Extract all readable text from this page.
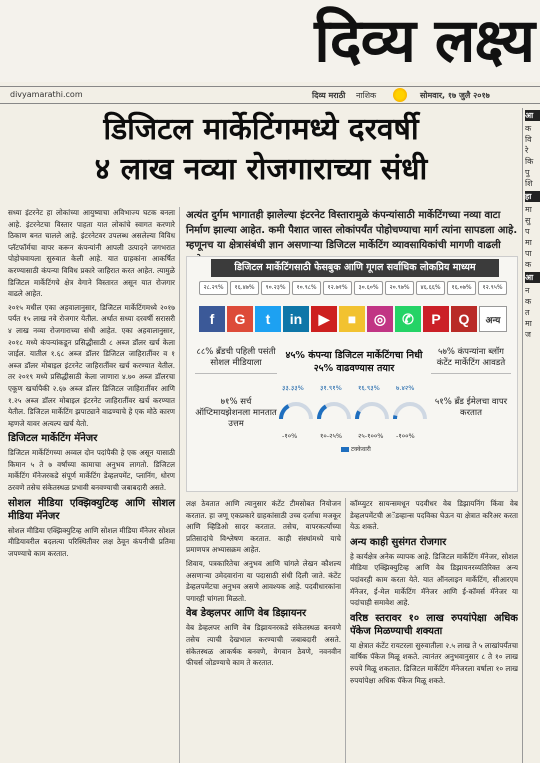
दिव्य लक्ष्य
divyamarathi.com	दिव्य मराठी नाशिक	सोमवार, १७ जुलै २०१७
आ
क
वि
रे
कि
पु
शि
हा
मा
सु
प
मा
पा
क
आ
न
क
त
मा
ज
डिजिटल मार्केटिंगमध्ये दरवर्षी
४ लाख नव्या रोजगाराच्या संधी

सध्या इंटरनेट हा लोकांच्या आयुष्याचा अविभाज्य घटक बनला आहे. इंटरनेटचा विस्तार पाहता यात लोकांचे स्वागत करणारे ठिकाण बनत चालले आहे. इंटरनेटवर उपलब्ध असलेल्या विविध प्लॅटफॉर्मचा वापर करून कंपन्यांनी आपली उत्पादने जगभरात पोहोचवायला सुरुवात केली आहे. यात ग्राहकांना आकर्षित करण्यासाठी कंपन्या विविध प्रकारे जाहिरात करत आहेत. त्यामुळे डिजिटल मार्केटिंगचे क्षेत्र वेगाने विस्तारत असून यात रोजगार वाढले आहेत.

२०१५ मधील एका अहवालानुसार, डिजिटल मार्केटिंगमध्ये २०१७ पर्यंत १५ लाख नवे रोजगार येतील. अर्थात सध्या दरवर्षी सरासरी ४ लाख नव्या रोजगाराच्या संधी आहेत. एका अहवालानुसार, २०१८ मध्ये कंपन्यांकडून प्रसिद्धीसाठी ८ अब्ज डॉलर खर्च केला जाईल. यातील १.६८ अब्ज डॉलर डिजिटल जाहिरातींवर व १ अब्ज डॉलर मोबाइल इंटरनेट जाहिरातींवर खर्च करण्यात येतील. तर २०१९ मध्ये प्रसिद्धीसाठी केला जाणारा ४.७० अब्ज डॉलरचा एकूण खर्चापैकी २.६७ अब्ज डॉलर डिजिटल जाहिरातींवर आणि १.२५ अब्ज डॉलर मोबाइल इंटरनेट जाहिरातींवर खर्च करण्यात येतील. डिजिटल मार्केटिंग झपाट्याने वाढण्याचे हे एक मोठे कारण म्हणजे यावर अत्यल्प खर्च येतो.

डिजिटल मार्केटिंग मॅनेजर

डिजिटल मार्केटिंगच्या अव्वल दोन पदांपैकी हे एक असून यासाठी किमान ५ ते ७ वर्षांच्या कामाचा अनुभव लागतो. डिजिटल मार्केटिंग मॅनेजरकडे संपूर्ण मार्केटिंग डेव्हलपमेंट, प्लानिंग, धोरण ठरवणे तसेच संकेतस्थळ प्रभावी बनवण्याची जबाबदारी असते.

सोशल मीडिया एक्झिक्युटिव्ह आणि सोशल मीडिया मॅनेजर

सोशल मीडिया एक्झिक्युटिव्ह आणि सोशल मीडिया मॅनेजर सोशल मीडियावरील बदलत्या परिस्थितीवर लक्ष ठेवून कंपनीची प्रतिमा जपण्याचे काम करतात.

अत्यंत दुर्गम भागातही झालेल्या इंटरनेट विस्तारामुळे कंपन्यांसाठी मार्केटिंगच्या नव्या वाटा निर्माण झाल्या आहेत. कमी पैशात जास्त लोकांपर्यंत पोहोचण्याचा मार्ग त्यांना सापडला आहे. म्हणूनच या क्षेत्रासंबंधी ज्ञान असणाऱ्या डिजिटल मार्केटिंग व्यावसायिकांची मागणी वाढली
डिजिटल मार्केटिंगसाठी फेसबुक आणि गूगल सर्वाधिक लोकप्रिय माध्यम
२८.२९%	१६.४७%	९०.२३%	१०.९८%	१२.७१%	३०.६०%	२०.९७%	४६.६६%	१६.०७%	१२.९५%
f	G	t	in	▶	■	◎	✆	P	Q	अन्य
८८% ब्रँडची पहिली पसंती सोशल मीडियाला
७१% सर्च ऑप्टिमायझेशनला मानतात उत्तम
४५% कंपन्या डिजिटल मार्केटिंगचा निधी २५% वाढवण्यास तयार
५७% कंपन्यांना ब्लॉग कंटेंट मार्केटिंग आवडते
५१% ब्रँड ईमेलचा वापर करतात
टक्केवारी
३३.३३%
-१०%
३१.९१%
१०-२५%
१६.९३%
२५-१००%
७.४२%
-१००%

लक्ष ठेवतात आणि त्यानुसार कंटेंट टीमसोबत नियोजन करतात. हा जणू एकप्रकारे ग्राहकांसाठी उच्च दर्जाचा मजकूर आणि व्हिडिओ सादर करतात. तसेच, वापरकर्त्यांच्या प्रतिसादांचे विश्लेषण करतात. काही संस्थांमध्ये याचे प्रमाणपत्र अभ्यासक्रम आहेत.

शिवाय, पत्रकारितेचा अनुभव आणि चांगले लेखन कौशल्य असणाऱ्या उमेदवारांना या पदासाठी संधी दिली जाते. कंटेंट डेव्हलपमेंटचा अनुभव असणे आवश्यक आहे. पदवीधारकांना पगारही चांगला मिळतो.

वेब डेव्हलपर आणि वेब डिझायनर

वेब डेव्हलपर आणि वेब डिझायनरकडे संकेतस्थळ बनवणे तसेच त्याची देखभाल करण्याची जबाबदारी असते. संकेतस्थळ आकर्षक बनवणे, वेगवान ठेवणे, नवनवीन फीचर्स जोडण्याचे काम ते करतात.

कॉम्प्युटर सायन्समधून पदवीधर वेब डिझायनिंग किंवा वेब डेव्हलपमेंटची अॅडव्हान्स पदविका घेऊन या क्षेत्रात करिअर करता येऊ शकते.

अन्य काही सुसंगत रोजगार

हे कार्यक्षेत्र अनेक व्यापक आहे. डिजिटल मार्केटिंग मॅनेजर, सोशल मीडिया एक्झिक्युटिव्ह आणि वेब डिझायनरव्यतिरिक्त अन्य पदांवरही काम करता येते. यात ऑनलाइन मार्केटिंग, सीआरएम मॅनेजर, ई-मेल मार्केटिंग मॅनेजर आणि ई-कॉमर्स मॅनेजर या पदांचाही समावेश आहे.

वरिष्ठ स्तरावर १० लाख रुपयांपेक्षा अधिक पॅकेज मिळण्याची शक्यता

या क्षेत्रात कंटेंट रायटरला सुरुवातीला २.५ लाख ते ५ लाखांपर्यंतचा वार्षिक पॅकेज मिळू शकते. त्यानंतर अनुभवानुसार ८ ते १० लाख रुपये मिळू शकतात. डिजिटल मार्केटिंग मॅनेजरला वर्षाला १० लाख रुपयांपेक्षा अधिक पॅकेज मिळू शकते.
